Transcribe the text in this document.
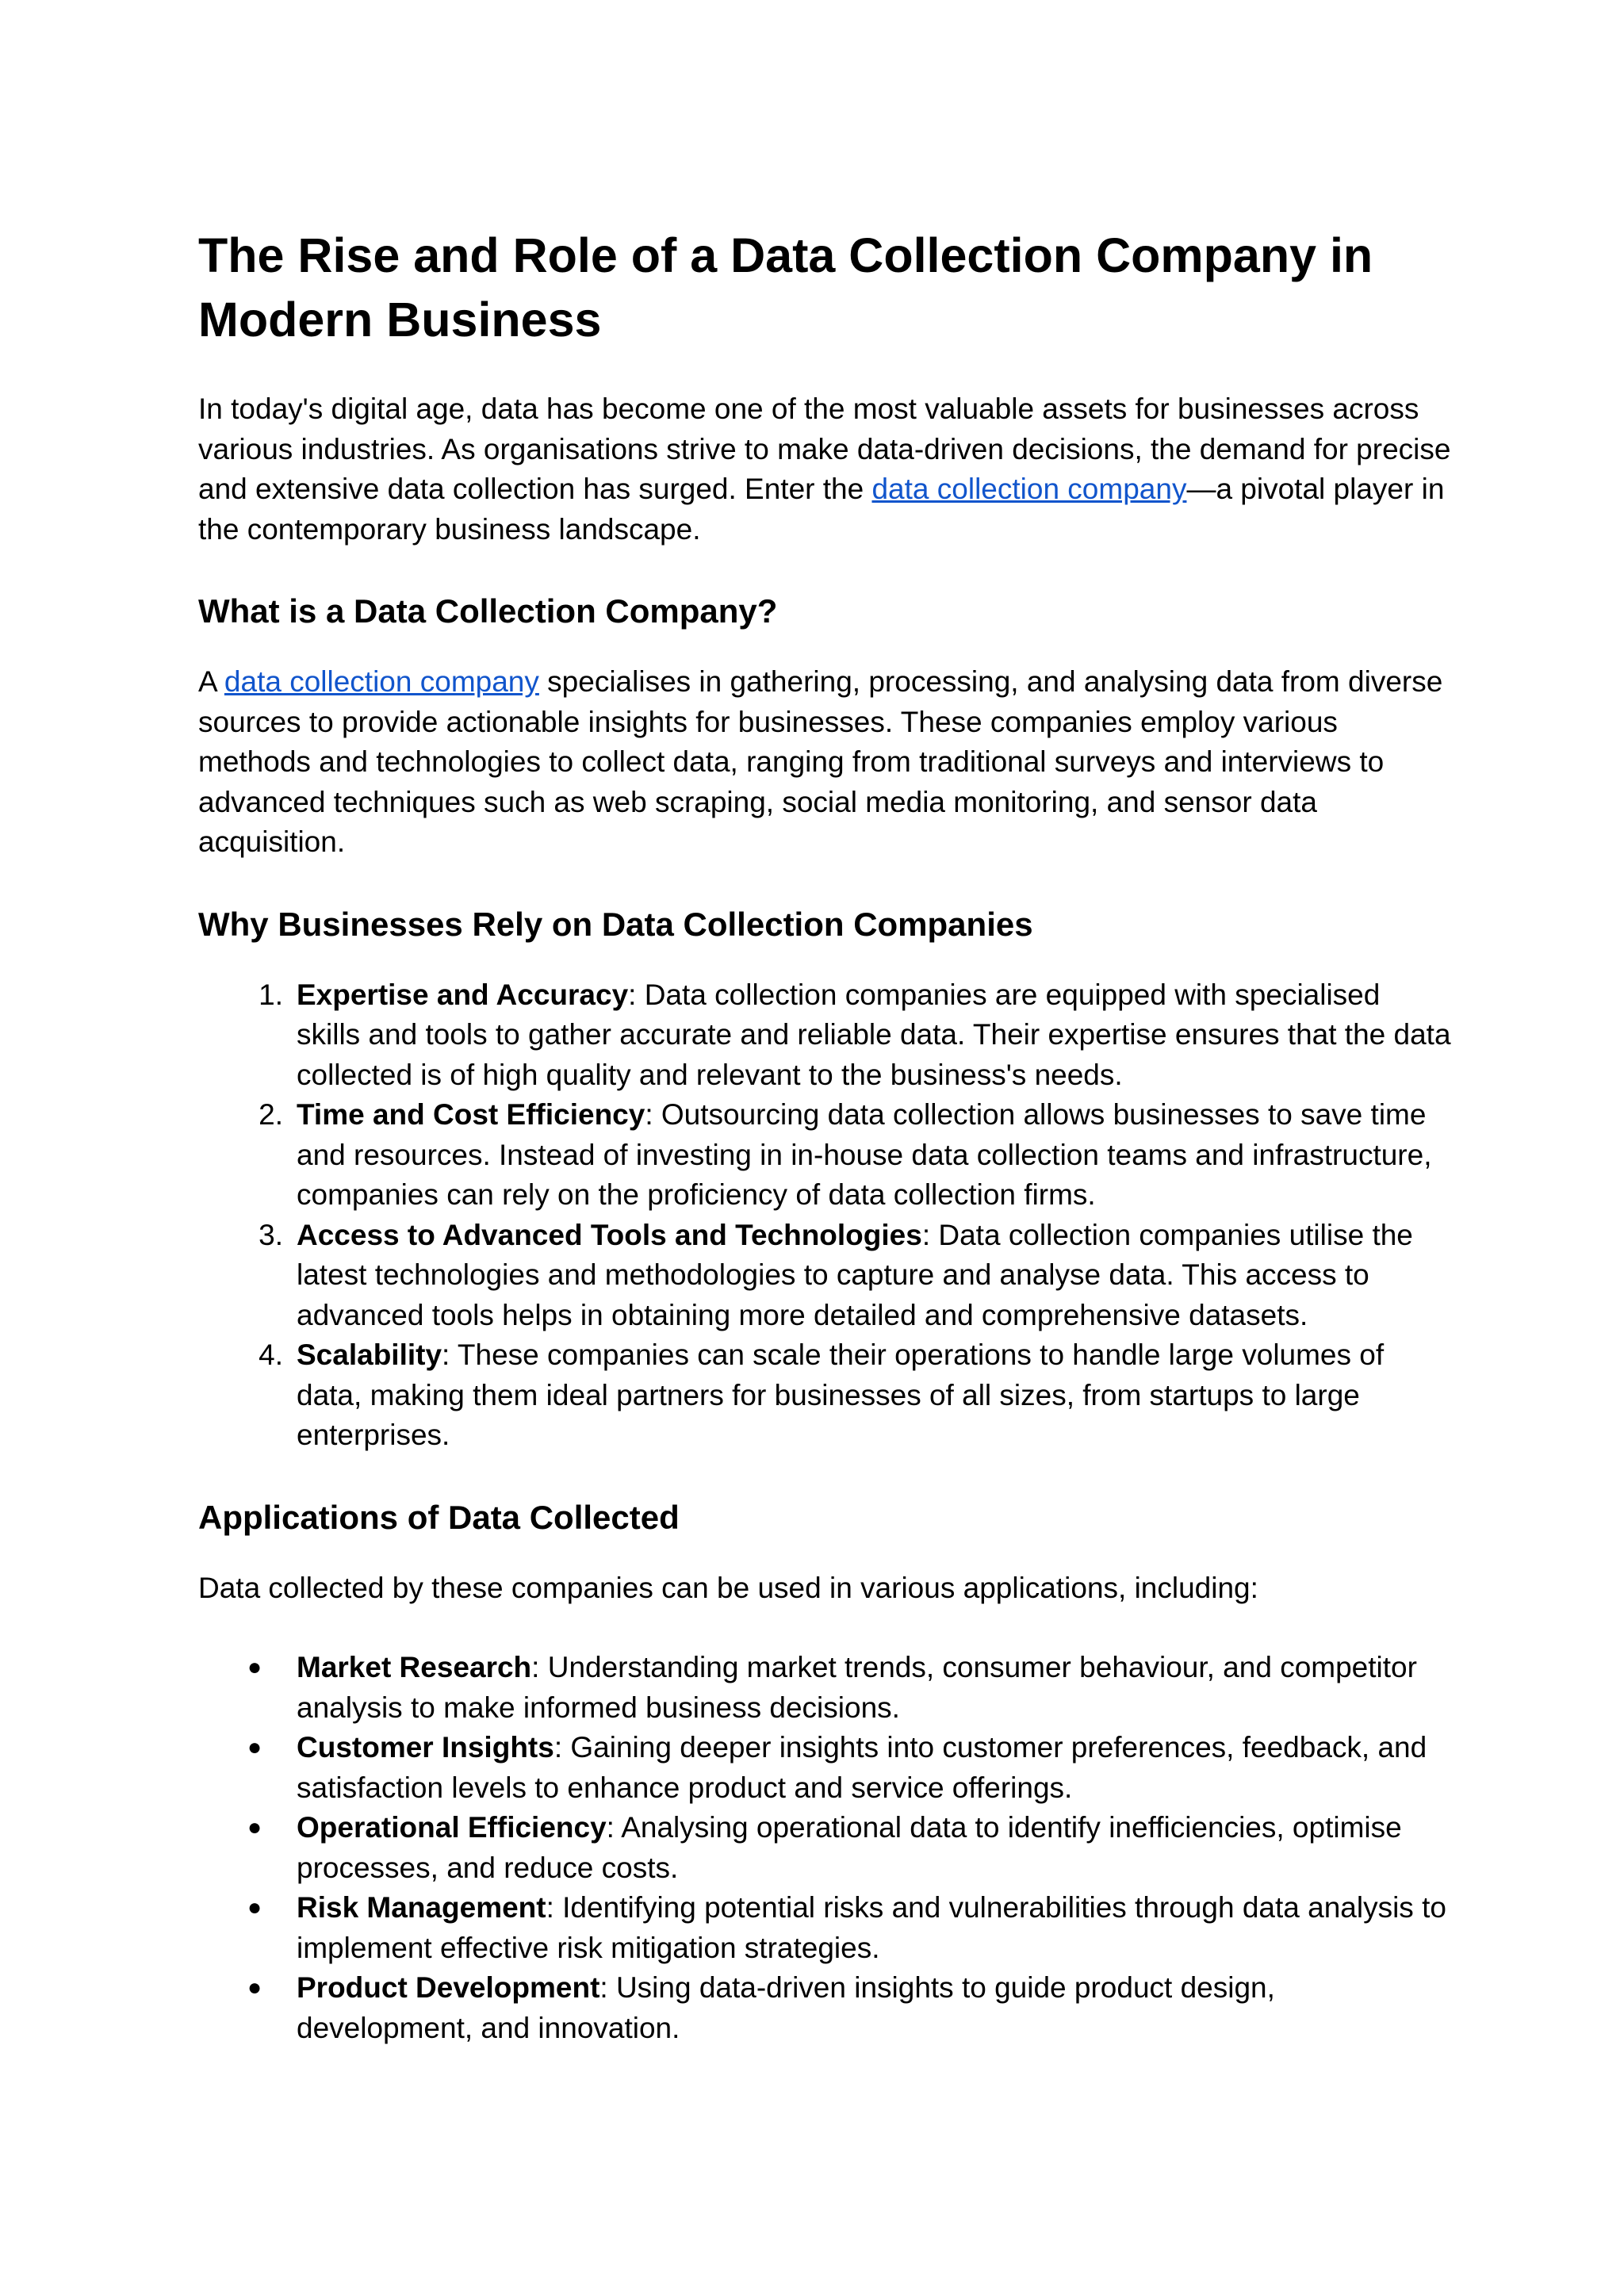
The Rise and Role of a Data Collection Company in Modern Business

In today's digital age, data has become one of the most valuable assets for businesses across various industries. As organisations strive to make data-driven decisions, the demand for precise and extensive data collection has surged. Enter the data collection company—a pivotal player in the contemporary business landscape.

What is a Data Collection Company?

A data collection company specialises in gathering, processing, and analysing data from diverse sources to provide actionable insights for businesses. These companies employ various methods and technologies to collect data, ranging from traditional surveys and interviews to advanced techniques such as web scraping, social media monitoring, and sensor data acquisition.

Why Businesses Rely on Data Collection Companies
1. Expertise and Accuracy: Data collection companies are equipped with specialised skills and tools to gather accurate and reliable data. Their expertise ensures that the data collected is of high quality and relevant to the business's needs.
2. Time and Cost Efficiency: Outsourcing data collection allows businesses to save time and resources. Instead of investing in in-house data collection teams and infrastructure, companies can rely on the proficiency of data collection firms.
3. Access to Advanced Tools and Technologies: Data collection companies utilise the latest technologies and methodologies to capture and analyse data. This access to advanced tools helps in obtaining more detailed and comprehensive datasets.
4. Scalability: These companies can scale their operations to handle large volumes of data, making them ideal partners for businesses of all sizes, from startups to large enterprises.
Applications of Data Collected

Data collected by these companies can be used in various applications, including:

● Market Research: Understanding market trends, consumer behaviour, and competitor analysis to make informed business decisions.
● Customer Insights: Gaining deeper insights into customer preferences, feedback, and satisfaction levels to enhance product and service offerings.
● Operational Efficiency: Analysing operational data to identify inefficiencies, optimise processes, and reduce costs.
● Risk Management: Identifying potential risks and vulnerabilities through data analysis to implement effective risk mitigation strategies.
● Product Development: Using data-driven insights to guide product design, development, and innovation.
